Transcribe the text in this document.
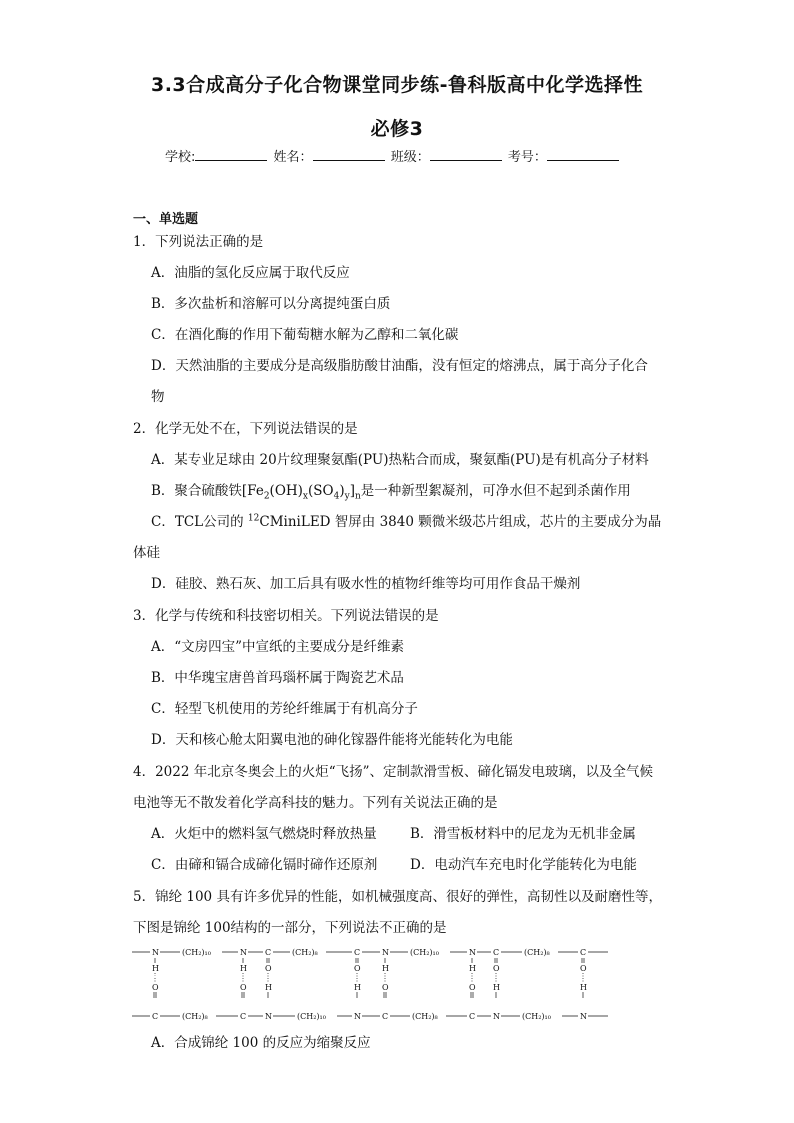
3.3合成高分子化合物课堂同步练-鲁科版高中化学选择性
必修3
学校:	姓名：	班级：	考号：
一、单选题
1．下列说法正确的是
A．油脂的氢化反应属于取代反应
B．多次盐析和溶解可以分离提纯蛋白质
C．在酒化酶的作用下葡萄糖水解为乙醇和二氧化碳
D．天然油脂的主要成分是高级脂肪酸甘油酯，没有恒定的熔沸点，属于高分子化合
物
2．化学无处不在，下列说法错误的是
A．某专业足球由 20片纹理聚氨酯(PU)热粘合而成，聚氨酯(PU)是有机高分子材料
B．聚合硫酸铁$[Fe_2(OH)_x(SO_4)_y]_n$是一种新型絮凝剂，可净水但不起到杀菌作用
C．TCL公司的 $^{12}$CMiniLED 智屏由 3840 颗微米级芯片组成，芯片的主要成分为晶
体硅
D．硅胶、熟石灰、加工后具有吸水性的植物纤维等均可用作食品干燥剂
3．化学与传统和科技密切相关。下列说法错误的是
A．“文房四宝”中宣纸的主要成分是纤维素
B．中华瑰宝唐兽首玛瑙杯属于陶瓷艺术品
C．轻型飞机使用的芳纶纤维属于有机高分子
D．天和核心舱太阳翼电池的砷化镓器件能将光能转化为电能
4．2022 年北京冬奥会上的火炬“飞扬”、定制款滑雪板、碲化镉发电玻璃，以及全气候
电池等无不散发着化学高科技的魅力。下列有关说法正确的是
A．火炬中的燃料氢气燃烧时释放热量 B．滑雪板材料中的尼龙为无机非金属
C．由碲和镉合成碲化镉时碲作还原剂 D．电动汽车充电时化学能转化为电能
5．锦纶 100 具有许多优异的性能，如机械强度高、很好的弹性，高韧性以及耐磨性等，
下图是锦纶 100结构的一部分，下列说法不正确的是
N	(CH₂)₁₀	N C	(CH₂)₈	C	N	(CH₂)₁₀	N C	(CH₂)₈	C
C	(CH₂)₈	C N	(CH₂)₁₀	N	C	(CH₂)₈	C N	(CH₂)₁₀	N
H
O
H
O
O
H
O
H
H
O
H
O
O
H
O
H
A．合成锦纶 100 的反应为缩聚反应
